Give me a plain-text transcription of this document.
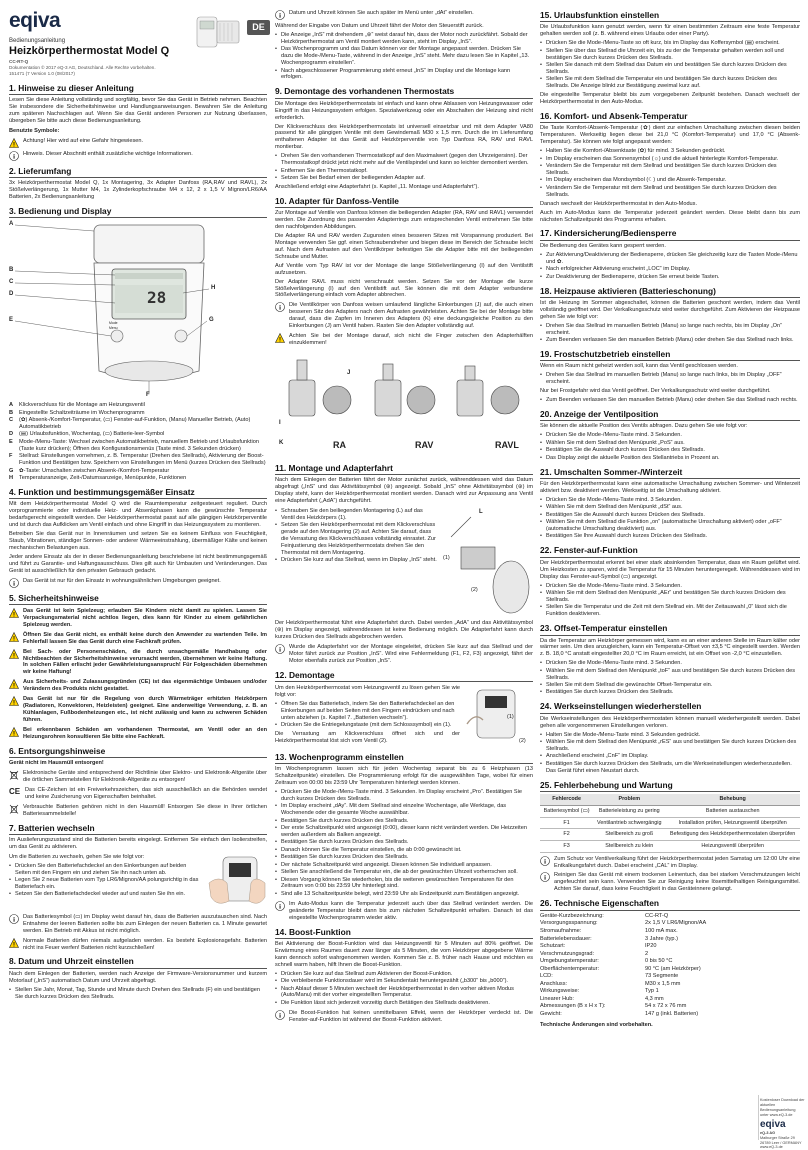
eqiva	DE
Bedienungsanleitung
Heizkörperthermostat Model Q
CC-RT-Q
Dokumentation © 2017 eQ-3 AG, Deutschland. Alle Rechte vorbehalten.
151471 (7 Version 1.0 (08/2017)
1. Hinweise zu dieser Anleitung

Lesen Sie diese Anleitung vollständig und sorgfältig, bevor Sie das Gerät in Betrieb nehmen. Beachten Sie insbesondere die Sicherheitshinweise und Handlungsanweisungen. Bewahren Sie die Anleitung zum späteren Nachschlagen auf. Wenn Sie das Gerät anderen Personen zur Nutzung überlassen, übergeben Sie bitte auch diese Bedienungsanleitung.

Benutzte Symbole:

!
Achtung! Hier wird auf eine Gefahr hingewiesen.
i Hinweis. Dieser Abschnitt enthält zusätzliche wichtige Informationen.
2. Lieferumfang

3x Heizkörperthermostat Model Q, 1x Montagering, 3x Adapter Danfoss (RA,RAV und RAVL), 2x Stößelverlängerung, 1x Mutter M4, 1x Zylinderkopfschraube M4 x 12, 2 x 1,5 V Mignon/LR6/AA Batterien, 2x Bedienungsanleitung

3. Bedienung und Display
A
B
C
D
E
F
G
H
28
Mode
Menu
A	Klickverschluss für die Montage am Heizungsventil
B	Eingestellte Schaltzeiträume im Wochenprogramm
C	(✿) Absenk-/Komfort-Temperatur, (▭) Fenster-auf-Funktion, (Manu) Manueller Betrieb, (Auto) Automatikbetrieb
D	(▤) Urlaubsfunktion, Wochentag, (▭) Batterie-leer-Symbol
E	Mode-/Menu-Taste: Wechsel zwischen Automatikbetrieb, manuellem Betrieb und Urlaubsfunktion (Taste kurz drücken); Öffnen des Konfigurationsmenüs (Taste mind. 3 Sekunden drücken)
F	Stellrad: Einstellungen vornehmen, z. B. Temperatur (Drehen des Stellrads), Aktivierung der Boost-Funktion und Bestätigen bzw. Speichern von Einstellungen im Menü (kurzes Drücken des Stellrads)
G	✿-Taste: Umschalten zwischen Absenk-/Komfort-Temperatur
H	Temperaturanzeige, Zeit-/Datumsanzeige, Menüpunkte, Funktionen
4. Funktion und bestimmungsgemäßer Einsatz

Mit dem Heizkörperthermostat Model Q wird die Raumtemperatur zeitgesteuert reguliert. Durch vorprogrammierte oder individuelle Heiz- und Absenkphasen kann die gewünschte Temperatur bedarfsgerecht eingestellt werden. Der Heizkörperthermostat passt auf alle gängigen Heizkörperventile und ist durch das Aufklicken am Ventil einfach und ohne Eingriff in das Heizungssystem zu montieren.

Betreiben Sie das Gerät nur in Innenräumen und setzen Sie es keinem Einfluss von Feuchtigkeit, Staub, Vibrationen, ständiger Sonnen- oder anderer Wärmeeinstrahlung, übermäßiger Kälte und keinen mechanischen Belastungen aus.

Jeder andere Einsatz als der in dieser Bedienungsanleitung beschriebene ist nicht bestimmungsgemäß und führt zu Garantie- und Haftungsausschluss. Dies gilt auch für Umbauten und Veränderungen. Das Gerät ist ausschließlich für den privaten Gebrauch gedacht.

i Das Gerät ist nur für den Einsatz in wohnungsähnlichen Umgebungen geeignet.
5. Sicherheitshinweise
!
Das Gerät ist kein Spielzeug; erlauben Sie Kindern nicht damit zu spielen. Lassen Sie Verpackungsmaterial nicht achtlos liegen, dies kann für Kinder zu einem gefährlichen Spielzeug werden.
!
Öffnen Sie das Gerät nicht, es enthält keine durch den Anwender zu wartenden Teile. Im Fehlerfall lassen Sie das Gerät durch eine Fachkraft prüfen.
!
Bei Sach- oder Personenschäden, die durch unsachgemäße Handhabung oder Nichtbeachten der Sicherheitshinweise verursacht werden, übernehmen wir keine Haftung. In solchen Fällen erlischt jeder Gewährleistungsanspruch! Für Folgeschäden übernehmen wir keine Haftung!
!
Aus Sicherheits- und Zulassungsgründen (CE) ist das eigenmächtige Umbauen und/oder Verändern des Produkts nicht gestattet.
!
Das Gerät ist nur für die Regelung von durch Wärmeträger erhitzten Heizkörpern (Radiatoren, Konvektoren, Heizleisten) geeignet. Eine anderweitige Verwendung, z. B. an Kühlanlagen, Fußbodenheizungen etc., ist nicht zulässig und kann zu schweren Schäden führen.
!
Bei erkennbaren Schäden am vorhandenen Thermostat, am Ventil oder an den Heizungsrohren konsultieren Sie bitte eine Fachkraft.
6. Entsorgungshinweise

Gerät nicht im Hausmüll entsorgen!

Elektronische Geräte sind entsprechend der Richtlinie über Elektro- und Elektronik-Altgeräte über die örtlichen Sammelstellen für Elektronik-Altgeräte zu entsorgen!
CE Das CE-Zeichen ist ein Freiverkehrszeichen, das sich ausschließlich an die Behörden wendet und keine Zusicherung von Eigenschaften beinhaltet.
Verbrauchte Batterien gehören nicht in den Hausmüll! Entsorgen Sie diese in Ihrer örtlichen Batteriesammelstelle!
7. Batterien wechseln

Im Auslieferungszustand sind die Batterien bereits eingelegt. Entfernen Sie einfach den Isolierstreifen, um das Gerät zu aktivieren.

Um die Batterien zu wechseln, gehen Sie wie folgt vor:

• Drücken Sie den Batteriefachdeckel an den Einkerbungen auf beiden Seiten mit den Fingern ein und ziehen Sie ihn nach unten ab.
• Legen Sie 2 neue Batterien vom Typ LR6/Mignon/AA polungsrichtig in das Batteriefach ein.
• Setzen Sie den Batteriefachdeckel wieder auf und rasten Sie ihn ein.
i Das Batteriesymbol (▭) im Display weist darauf hin, dass die Batterien auszutauschen sind. Nach Entnahme der leeren Batterien sollte bis zum Einlegen der neuen Batterien ca. 1 Minute gewartet werden. Ein Betrieb mit Akkus ist nicht möglich.
!
Normale Batterien dürfen niemals aufgeladen werden. Es besteht Explosionsgefahr. Batterien nicht ins Feuer werfen! Batterien nicht kurzschließen!
8. Datum und Uhrzeit einstellen

Nach dem Einlegen der Batterien, werden nach Anzeige der Firmware-Versionsnummer und kurzem Motorlauf („InS“) automatisch Datum und Uhrzeit abgefragt.

• Stellen Sie Jahr, Monat, Tag, Stunde und Minute durch Drehen des Stellrads (F) ein und bestätigen Sie durch kurzes Drücken des Stellrads.
i Datum und Uhrzeit können Sie auch später im Menü unter „dAt“ einstellen.

Während der Eingabe von Datum und Uhrzeit fährt der Motor den Steuerstift zurück.

• Die Anzeige „InS“ mit drehendem „⊛“ weist darauf hin, dass der Motor noch zurückfährt. Sobald der Heizkörperthermostat am Ventil montiert werden kann, steht im Display „InS“.
• Das Wochenprogramm und das Datum können vor der Montage angepasst werden. Drücken Sie dazu die Mode-/Menu-Taste, während in der Anzeige „InS“ steht. Mehr dazu lesen Sie in Kapitel „13. Wochenprogramm einstellen“.
• Nach abgeschlossener Programmierung steht erneut „InS“ im Display und die Montage kann erfolgen.
9. Demontage des vorhandenen Thermostats

Die Montage des Heizkörperthermostats ist einfach und kann ohne Ablassen von Heizungswasser oder Eingriff in das Heizungssystem erfolgen. Spezialwerkzeug oder ein Abschalten der Heizung sind nicht erforderlich.

Der Klickverschluss des Heizkörperthermostats ist universell einsetzbar und mit dem Adapter VA80 passend für alle gängigen Ventile mit dem Gewindemaß M30 x 1,5 mm. Durch die im Lieferumfang enthaltenen Adapter ist das Gerät auf Heizkörperventile von Typ Danfoss RA, RAV und RAVL montierbar.

• Drehen Sie den vorhandenen Thermostatkopf auf den Maximalwert (gegen den Uhrzeigersinn). Der Thermostatkopf drückt jetzt nicht mehr auf die Ventilspindel und kann so leichter demontiert werden.
• Entfernen Sie den Thermostatkopf.
• Setzen Sie bei Bedarf einen der beiliegenden Adapter auf.

Anschließend erfolgt eine Adapterfahrt (s. Kapitel „11. Montage und Adapterfahrt“).

10. Adapter für Danfoss-Ventile

Zur Montage auf Ventile von Danfoss können die beiliegenden Adapter (RA, RAV und RAVL) verwendet werden. Die Zuordnung des passenden Adapterrings zum entsprechenden Ventil entnehmen Sie bitte den nachfolgenden Abbildungen.

Die Adapter RA und RAV werden Zugunsten eines besseren Sitzes mit Vorspannung produziert. Bei Montage verwenden Sie ggf. einen Schraubendreher und biegen diese im Bereich der Schraube leicht auf. Nach dem Aufrasten auf den Ventilkörper befestigen Sie die Adapter bitte mit der beiliegenden Schraube und Mutter.

Auf Ventile vom Typ RAV ist vor der Montage die lange Stößelverlängerung (I) auf den Ventilstift aufzusetzen.

Der Adapter RAVL muss nicht verschraubt werden. Setzen Sie vor der Montage die kurze Stößelverlängerung (I) auf den Ventilstift auf. Sie können die mit dem Adapter verbundene Stößelverlängerung einfach vom Adapter abbrechen.

i Die Ventilkörper von Danfoss weisen umlaufend längliche Einkerbungen (J) auf, die auch einen besseren Sitz des Adapters nach dem Aufrasten gewährleisten. Achten Sie bei der Montage bitte darauf, dass die Zapfen im Inneren des Adapters (K) eine deckungsgleiche Position zu den Einkerbungen (J) am Ventil haben. Rasten Sie den Adapter vollständig auf.
!
Achten Sie bei der Montage darauf, sich nicht die Finger zwischen den Adapterhälften einzuklemmen!
RA	RAV	RAVL
I
J
K
11. Montage und Adapterfahrt

Nach dem Einlegen der Batterien fährt der Motor zunächst zurück, währenddessen wird das Datum abgefragt („InS“ und das Aktivitätssymbol (⊛) angezeigt. Sobald „InS“ ohne Aktivitätssymbol (⊛) im Display steht, kann der Heizkörperthermostat montiert werden. Danach wird zur Anpassung ans Ventil eine Adapterfahrt („AdA“) durchgeführt.

• Schrauben Sie den beiliegenden Montagering (L) auf das Ventil des Heizkörpers (1).
• Setzen Sie den Heizkörperthermostat mit dem Klickverschluss gerade auf den Montagering (2) auf. Achten Sie darauf, dass die Verrastung des Klickverschlusses vollständig einrastet. Zur Feinjustierung des Heizkörperthermostats drehen Sie den Thermostat mit dem Montagering.
• Drücken Sie kurz auf das Stellrad, wenn im Display „InS“ steht.
L
(1)
(2)

Der Heizkörperthermostat führt eine Adapterfahrt durch. Dabei werden „AdA“ und das Aktivitätssymbol (⊛) im Display angezeigt, währenddessen ist keine Bedienung möglich. Die Adapterfahrt kann durch kurzes Drücken des Stellrads abgebrochen werden.

i Wurde die Adapterfahrt vor der Montage eingeleitet, drücken Sie kurz auf das Stellrad und der Motor fährt zurück zur Position „InS“. Wird eine Fehlermeldung (F1, F2, F3) angezeigt, fährt der Motor ebenfalls zurück zur Position „InS“.
12. Demontage

Um den Heizkörperthermostat vom Heizungsventil zu lösen gehen Sie wie folgt vor:

• Öffnen Sie das Batteriefach, indem Sie den Batteriefachdeckel an den Einkerbungen auf beiden Seiten mit den Fingern eindrücken und nach unten abziehen (s. Kapitel 7. „Batterien wechseln“).
• Drücken Sie die Entriegelungstaste (mit dem Schlosssymbol) ein (1).

Die Verrastung am Klickverschluss öffnet sich und der Heizkörperthermostat löst sich vom Ventil (2).

(1)
(2)
13. Wochenprogramm einstellen

Im Wochenprogramm lassen sich für jeden Wochentag separat bis zu 6 Heizphasen (13 Schaltzeitpunkte) einstellen. Die Programmierung erfolgt für die ausgewählten Tage, wobei für einen Zeitraum von 00:00 bis 23:59 Uhr Temperaturen hinterlegt werden können.

• Drücken Sie die Mode-/Menu-Taste mind. 3 Sekunden. Im Display erscheint „Pro“. Bestätigen Sie durch kurzes Drücken des Stellrads.
• Im Display erscheint „dAy“. Mit dem Stellrad sind einzelne Wochentage, alle Werktage, das Wochenende oder die gesamte Woche auswählbar.
• Bestätigen Sie durch kurzes Drücken des Stellrads.
• Der erste Schaltzeitpunkt wird angezeigt (0:00), dieser kann nicht verändert werden. Die Heizzeiten werden außerdem als Balken angezeigt.
• Bestätigen Sie durch kurzes Drücken des Stellrads.
• Danach können Sie die Temperatur einstellen, die ab 0:00 gewünscht ist.
• Bestätigen Sie durch kurzes Drücken des Stellrads.
• Der nächste Schaltzeitpunkt wird angezeigt. Diesen können Sie individuell anpassen.
• Stellen Sie anschließend die Temperatur ein, die ab der gewünschten Uhrzeit vorherrschen soll.
• Diesen Vorgang können Sie wiederholen, bis die weiteren gewünschten Temperaturen für den Zeitraum von 0:00 bis 23:59 Uhr hinterlegt sind.
• Sind alle 13 Schaltzeitpunkte belegt, wird 23:59 Uhr als Endzeitpunkt zum Bestätigen angezeigt.
i Im Auto-Modus kann die Temperatur jederzeit auch über das Stellrad verändert werden. Die geänderte Temperatur bleibt dann bis zum nächsten Schaltzeitpunkt erhalten. Danach ist das eingestellte Wochenprogramm wieder aktiv.
14. Boost-Funktion

Bei Aktivierung der Boost-Funktion wird das Heizungsventil für 5 Minuten auf 80% geöffnet. Die Erwärmung eines Raumes dauert zwar länger als 5 Minuten, die vom Heizkörper abgegebene Wärme kann dennoch sofort wahrgenommen werden. Kommen Sie z. B. früher nach Hause und möchten es schnell warm haben, hilft Ihnen die Boost-Funktion.

• Drücken Sie kurz auf das Stellrad zum Aktivieren der Boost-Funktion.
• Die verbleibende Funktionsdauer wird im Sekundentakt heruntergezählt („b300“ bis „b000“).
• Nach Ablauf dieser 5 Minuten wechselt der Heizkörperthermostat in den vorher aktiven Modus (Auto/Manu) mit der vorher eingestellten Temperatur.
• Die Funktion lässt sich jederzeit vorzeitig durch Betätigen des Stellrads deaktivieren.
i Die Boost-Funktion hat keinen unmittelbaren Effekt, wenn der Heizkörper verdeckt ist. Die Fenster-auf-Funktion ist während der Boost-Funktion aktiviert.
15. Urlaubsfunktion einstellen

Die Urlaubsfunktion kann genutzt werden, wenn für einen bestimmten Zeitraum eine feste Temperatur gehalten werden soll (z. B. während eines Urlaubs oder einer Party).

• Drücken Sie die Mode-/Menu-Taste so oft kurz, bis im Display das Koffersymbol (▤) erscheint.
• Stellen Sie über das Stellrad die Uhrzeit ein, bis zu der die Temperatur gehalten werden soll und bestätigen Sie durch kurzes Drücken des Stellrads.
• Stellen Sie danach mit dem Stellrad das Datum ein und bestätigen Sie durch kurzes Drücken des Stellrads.
• Stellen Sie mit dem Stellrad die Temperatur ein und bestätigen Sie durch kurzes Drücken des Stellrads. Die Anzeige blinkt zur Bestätigung zweimal kurz auf.

Die eingestellte Temperatur bleibt bis zum vorgegebenen Zeitpunkt bestehen. Danach wechselt der Heizkörperthermostat in den Auto-Modus.

16. Komfort- und Absenk-Temperatur

Die Taste Komfort-/Absenk-Temperatur (✿) dient zur einfachen Umschaltung zwischen diesen beiden Temperaturen. Werkseitig liegen diese bei 21,0 °C (Komfort-Temperatur) und 17,0 °C (Absenk-Temperatur). Sie können wie folgt angepasst werden:

• Halten Sie die Komfort-/Absenktaste (✿) für mind. 3 Sekunden gedrückt.
• Im Display erscheinen das Sonnensymbol (☼) und die aktuell hinterlegte Komfort-Temperatur.
• Verändern Sie die Temperatur mit dem Stellrad und bestätigen Sie durch kurzes Drücken des Stellrads.
• Im Display erscheinen das Mondsymbol (☾) und die Absenk-Temperatur.
• Verändern Sie die Temperatur mit dem Stellrad und bestätigen Sie durch kurzes Drücken des Stellrads.

Danach wechselt der Heizkörperthermostat in den Auto-Modus.

Auch im Auto-Modus kann die Temperatur jederzeit geändert werden. Diese bleibt dann bis zum nächsten Schaltzeitpunkt des Programms erhalten.

17. Kindersicherung/Bediensperre

Die Bedienung des Gerätes kann gesperrt werden.

• Zur Aktivierung/Deaktivierung der Bediensperre, drücken Sie gleichzeitig kurz die Tasten Mode-/Menu und ✿.
• Nach erfolgreicher Aktivierung erscheint „LOC“ im Display.
• Zur Deaktivierung der Bediensperre, drücken Sie erneut beide Tasten.
18. Heizpause aktivieren (Batterieschonung)

Ist die Heizung im Sommer abgeschaltet, können die Batterien geschont werden, indem das Ventil vollständig geöffnet wird. Der Verkalkungsschutz wird weiter durchgeführt. Zum Aktivieren der Heizpause gehen Sie wie folgt vor:

• Drehen Sie das Stellrad im manuellen Betrieb (Manu) so lange nach rechts, bis im Display „On“ erscheint.
• Zum Beenden verlassen Sie den manuellen Betrieb (Manu) oder drehen Sie das Stellrad nach links.
19. Frostschutzbetrieb einstellen

Wenn ein Raum nicht geheizt werden soll, kann das Ventil geschlossen werden.

• Drehen Sie das Stellrad im manuellen Betrieb (Manu) so lange nach links, bis im Display „OFF“ erscheint.

Nur bei Frostgefahr wird das Ventil geöffnet. Der Verkalkungsschutz wird weiter durchgeführt.

• Zum Beenden verlassen Sie den manuellen Betrieb (Manu) oder drehen Sie das Stellrad nach rechts.
20. Anzeige der Ventilposition

Sie können die aktuelle Position des Ventils abfragen. Dazu gehen Sie wie folgt vor:

• Drücken Sie die Mode-/Menu-Taste mind. 3 Sekunden.
• Wählen Sie mit dem Stellrad den Menüpunkt „PoS“ aus.
• Bestätigen Sie die Auswahl durch kurzes Drücken des Stellrads.
• Das Display zeigt die aktuelle Position des Stellantriebs in Prozent an.
21. Umschalten Sommer-/Winterzeit

Für den Heizkörperthermostat kann eine automatische Umschaltung zwischen Sommer- und Winterzeit aktiviert bzw. deaktiviert werden. Werkseitig ist die Umschaltung aktiviert.

• Drücken Sie die Mode-/Menu-Taste mind. 3 Sekunden.
• Wählen Sie mit dem Stellrad den Menüpunkt „dSt“ aus.
• Bestätigen Sie die Auswahl durch kurzes Drücken des Stellrads.
• Wählen Sie mit dem Stellrad die Funktion „on“ (automatische Umschaltung aktiviert) oder „oFF“ (automatische Umschaltung deaktiviert) aus.
• Bestätigen Sie Ihre Auswahl durch kurzes Drücken des Stellrads.
22. Fenster-auf-Funktion

Der Heizkörperthermostat erkennt bei einer stark absinkenden Temperatur, dass ein Raum gelüftet wird. Um Heizkosten zu sparen, wird die Temperatur für 15 Minuten heruntergeregelt. Währenddessen wird im Display das Fenster-auf-Symbol (▭) angezeigt.

• Drücken Sie die Mode-/Menu-Taste mind. 3 Sekunden.
• Wählen Sie mit dem Stellrad den Menüpunkt „AEr“ und bestätigen Sie durch kurzes Drücken des Stellrads.
• Stellen Sie die Temperatur und die Zeit mit dem Stellrad ein. Mit der Zeitauswahl „0“ lässt sich die Funktion deaktivieren.
23. Offset-Temperatur einstellen

Da die Temperatur am Heizkörper gemessen wird, kann es an einer anderen Stelle im Raum kälter oder wärmer sein. Um dies anzugleichen, kann ein Temperatur-Offset von ±3,5 °C eingestellt werden. Werden z. B. 18,0 °C anstatt eingestellter 20,0 °C im Raum erreicht, ist ein Offset von -2,0 °C einzustellen.

• Drücken Sie die Mode-/Menu-Taste mind. 3 Sekunden.
• Wählen Sie mit dem Stellrad den Menüpunkt „toF“ aus und bestätigen Sie durch kurzes Drücken des Stellrads.
• Stellen Sie mit dem Stellrad die gewünschte Offset-Temperatur ein.
• Bestätigen Sie durch kurzes Drücken des Stellrads.
24. Werkseinstellungen wiederherstellen

Die Werkseinstellungen des Heizkörperthermostaten können manuell wiederhergestellt werden. Dabei gehen alle vorgenommenen Einstellungen verloren.

• Halten Sie die Mode-/Menu-Taste mind. 3 Sekunden gedrückt.
• Wählen Sie mit dem Stellrad den Menüpunkt „rES“ aus und bestätigen Sie durch kurzes Drücken des Stellrads.
• Anschließend erscheint „CnF“ im Display.
• Bestätigen Sie durch kurzes Drücken des Stellrads, um die Werkseinstellungen wiederherzustellen. Das Gerät führt einen Neustart durch.
25. Fehlerbehebung und Wartung
Fehlercode	Problem	Behebung
Batteriesymbol (▭)	Batterieleistung zu gering	Batterien austauschen
F1	Ventilantrieb schwergängig	Installation prüfen, Heizungsventil überprüfen
F2	Stellbereich zu groß	Befestigung des Heizkörperthermostaten überprüfen
F3	Stellbereich zu klein	Heizungsventil überprüfen
i Zum Schutz vor Ventilverkalkung führt der Heizkörperthermostat jeden Samstag um 12:00 Uhr eine Entkalkungsfahrt durch. Dabei erscheint „CAL“ im Display.
i Reinigen Sie das Gerät mit einem trockenen Leinentuch, das bei starken Verschmutzungen leicht angefeuchtet sein kann. Verwenden Sie zur Reinigung keine lösemittelhaltigen Reinigungsmittel. Achten Sie darauf, dass keine Feuchtigkeit in das Geräteinnere gelangt.
26. Technische Eigenschaften
Geräte-Kurzbezeichnung:	CC-RT-Q
Versorgungsspannung:	2x 1,5 V LR6/Mignon/AA
Stromaufnahme:	100 mA max.
Batterielebensdauer:	3 Jahre (typ.)
Schutzart:	IP20
Verschmutzungsgrad:	2
Umgebungstemperatur:	0 bis 50 °C
Oberflächentemperatur:	90 °C (am Heizkörper)
LCD:	73 Segmente
Anschluss:	M30 x 1,5 mm
Wirkungsweise:	Typ 1
Linearer Hub:	4,3 mm
Abmessungen (B x H x T):	54 x 72 x 76 mm
Gewicht:	147 g (inkl. Batterien)

Technische Änderungen sind vorbehalten.

Kostenloser Download der aktuellen Bedienungsanleitung unter www.eQ-3.de
eqiva
eQ-3 AG
Maiburger Straße 29
26789 Leer / GERMANY
www.eQ-3.de
